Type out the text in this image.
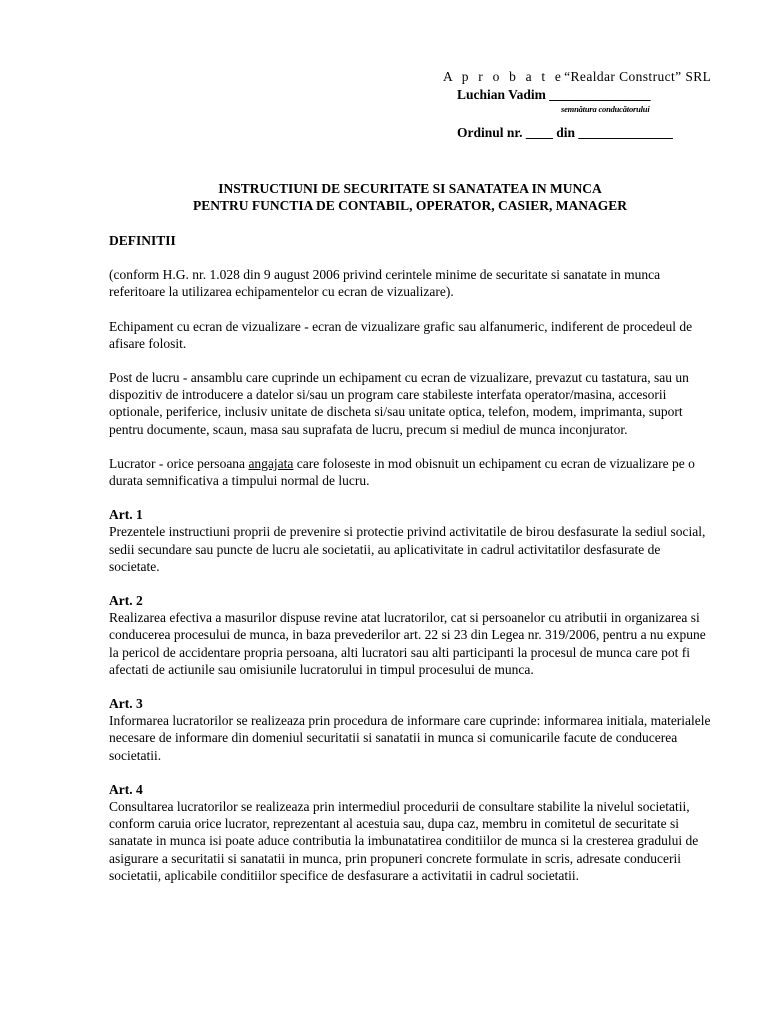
A p r o b a t e“Realdar Construct” SRL
Luchian Vadim _______________
semnătura conducătorului
Ordinul nr. ____ din ______________
INSTRUCTIUNI DE SECURITATE SI SANATATEA IN MUNCA
PENTRU FUNCTIA DE CONTABIL, OPERATOR, CASIER, MANAGER

DEFINITII

(conform H.G. nr. 1.028 din 9 august 2006 privind cerintele minime de securitate si sanatate in munca referitoare la utilizarea echipamentelor cu ecran de vizualizare).

Echipament cu ecran de vizualizare - ecran de vizualizare grafic sau alfanumeric, indiferent de procedeul de afisare folosit.

Post de lucru - ansamblu care cuprinde un echipament cu ecran de vizualizare, prevazut cu tastatura, sau un dispozitiv de introducere a datelor si/sau un program care stabileste interfata operator/masina, accesorii optionale, periferice, inclusiv unitate de discheta si/sau unitate optica, telefon, modem, imprimanta, suport pentru documente, scaun, masa sau suprafata de lucru, precum si mediul de munca inconjurator.

Lucrator - orice persoana angajata care foloseste in mod obisnuit un echipament cu ecran de vizualizare pe o durata semnificativa a timpului normal de lucru.

Art. 1
Prezentele instructiuni proprii de prevenire si protectie privind activitatile de birou desfasurate la sediul social, sedii secundare sau puncte de lucru ale societatii, au aplicativitate in cadrul activitatilor desfasurate de societate.
Art. 2
Realizarea efectiva a masurilor dispuse revine atat lucratorilor, cat si persoanelor cu atributii in organizarea si conducerea procesului de munca, in baza prevederilor art. 22 si 23 din Legea nr. 319/2006, pentru a nu expune la pericol de accidentare propria persoana, alti lucratori sau alti participanti la procesul de munca care pot fi afectati de actiunile sau omisiunile lucratorului in timpul procesului de munca.
Art. 3
Informarea lucratorilor se realizeaza prin procedura de informare care cuprinde: informarea initiala, materialele necesare de informare din domeniul securitatii si sanatatii in munca si comunicarile facute de conducerea societatii.
Art. 4
Consultarea lucratorilor se realizeaza prin intermediul procedurii de consultare stabilite la nivelul societatii, conform caruia orice lucrator, reprezentant al acestuia sau, dupa caz, membru in comitetul de securitate si sanatate in munca isi poate aduce contributia la imbunatatirea conditiilor de munca si la cresterea gradului de asigurare a securitatii si sanatatii in munca, prin propuneri concrete formulate in scris, adresate conducerii societatii, aplicabile conditiilor specifice de desfasurare a activitatii in cadrul societatii.
